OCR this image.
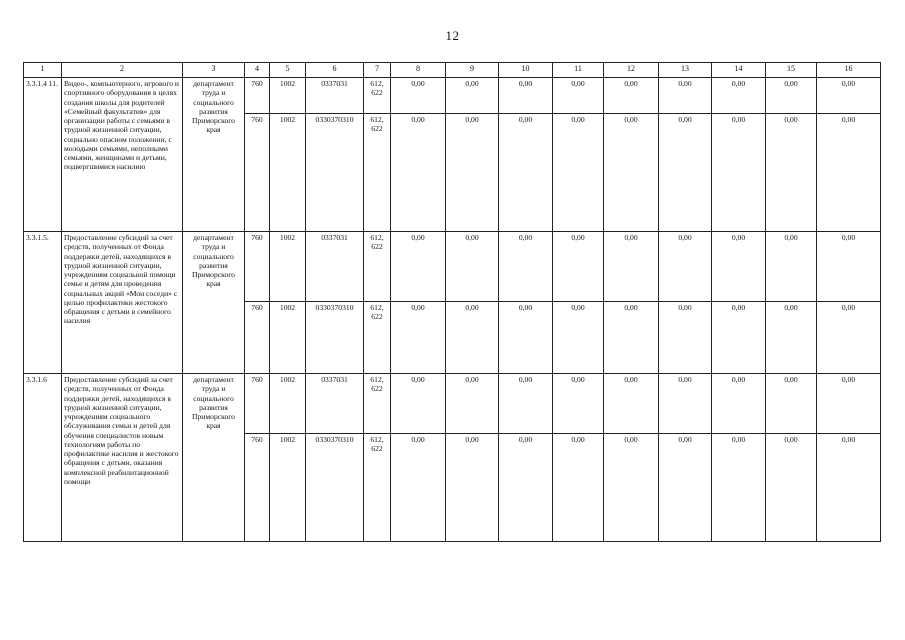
12
1	2	3	4	5	6	7	8	9	10	11	12	13	14	15	16
3.3.1.4 11.	Видео-, компьютерного, игрового и спортивного оборудования в целях создания школы для родителей «Семейный факультатив» для организации работы с семьями в трудной жизненной ситуации, социально опасном положении, с молодыми семьями, неполными семьями, женщинами и детьми, подвергшимися насилию	департамент труда и социального развития Приморского края	760	1002	0337031	612, 622	0,00	0,00	0,00	0,00	0,00	0,00	0,00	0,00	0,00
			760	1002	0330370310	612, 622	0,00	0,00	0,00	0,00	0,00	0,00	0,00	0,00	0,00
3.3.1.5.	Предоставление субсидий за счет средств, полученных от Фонда поддержки детей, находящихся в трудной жизненной ситуации, учреждениям социальной помощи семье и детям для проведения социальных акций «Мои соседи» с целью профилактики жестокого обращения с детьми в семейного насилия	департамент труда и социального развития Приморского края	760	1002	0337031	612, 622	0,00	0,00	0,00	0,00	0,00	0,00	0,00	0,00	0,00
			760	1002	0330370310	612, 622	0,00	0,00	0,00	0,00	0,00	0,00	0,00	0,00	0,00
3.3.1.6	Предоставление субсидий за счет средств, полученных от Фонда поддержки детей, находящихся в трудной жизненной ситуации, учреждениям социального обслуживания семьи и детей для обучения специалистов новым технологиям работы по профилактике насилия и жестокого обращения с детьми, оказания комплексной реабилитационной помощи	департамент труда и социального развития Приморского края	760	1002	0337031	612, 622	0,00	0,00	0,00	0,00	0,00	0,00	0,00	0,00	0,00
			760	1002	0330370310	612, 622	0,00	0,00	0,00	0,00	0,00	0,00	0,00	0,00	0,00
